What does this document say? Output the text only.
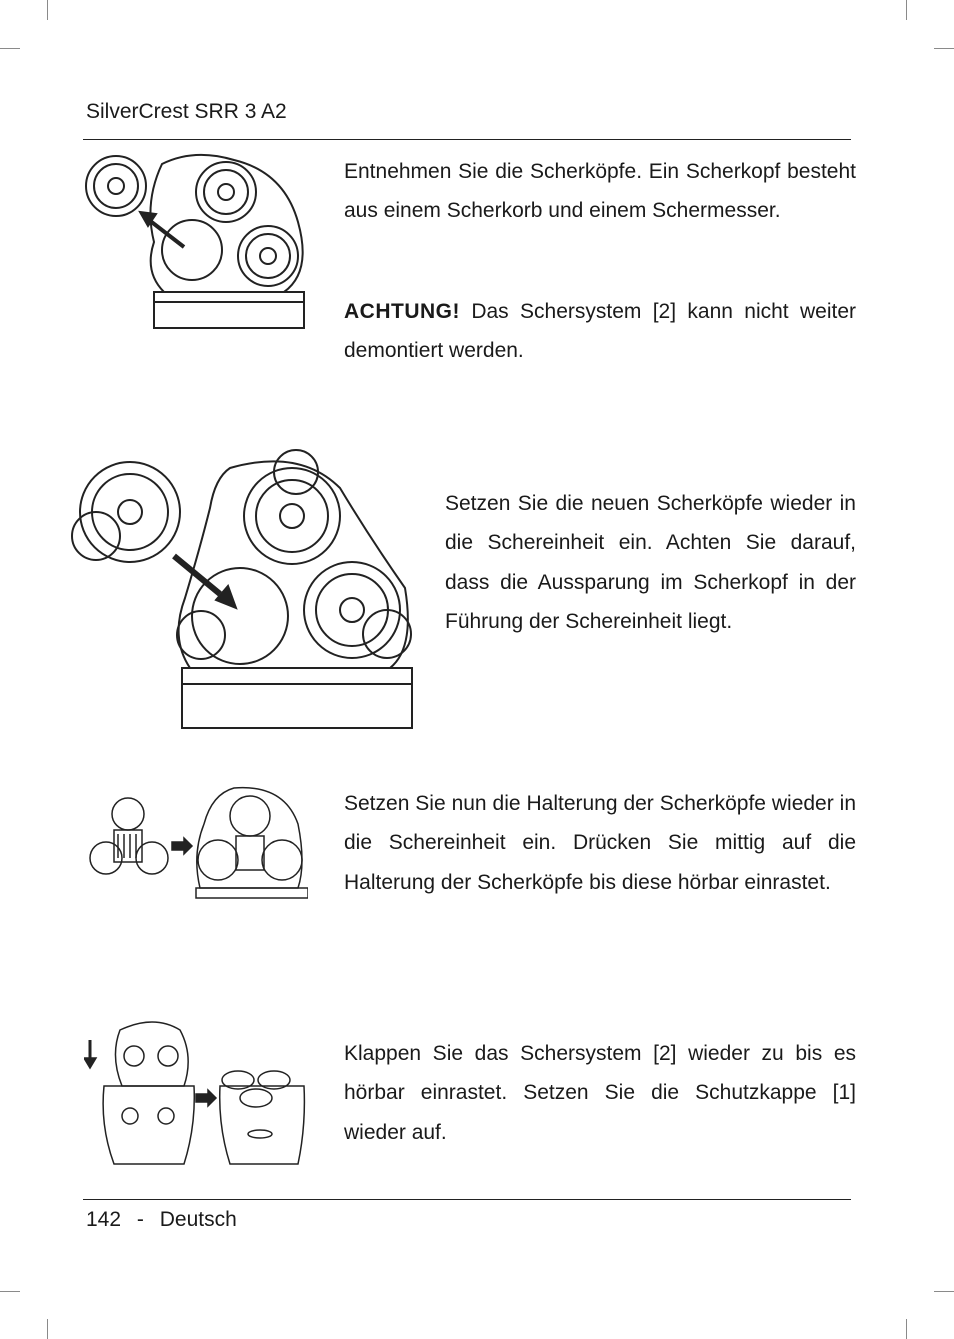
SilverCrest SRR 3 A2

Entnehmen Sie die Scherköpfe. Ein Scherkopf besteht aus einem Scherkorb und einem Schermesser.

ACHTUNG! Das Schersystem [2] kann nicht weiter demontiert werden.

Setzen Sie die neuen Scherköpfe wieder in die Schereinheit ein. Achten Sie darauf, dass die Aussparung im Scherkopf in der Führung der Schereinheit liegt.

Setzen Sie nun die Halterung der Scherköpfe wieder in die Schereinheit ein. Drücken Sie mittig auf die Halterung der Scherköpfe bis diese hörbar einrastet.

Klappen Sie das Schersystem [2] wieder zu bis es hörbar einrastet. Setzen Sie die Schutzkappe [1] wieder auf.

142 - Deutsch
